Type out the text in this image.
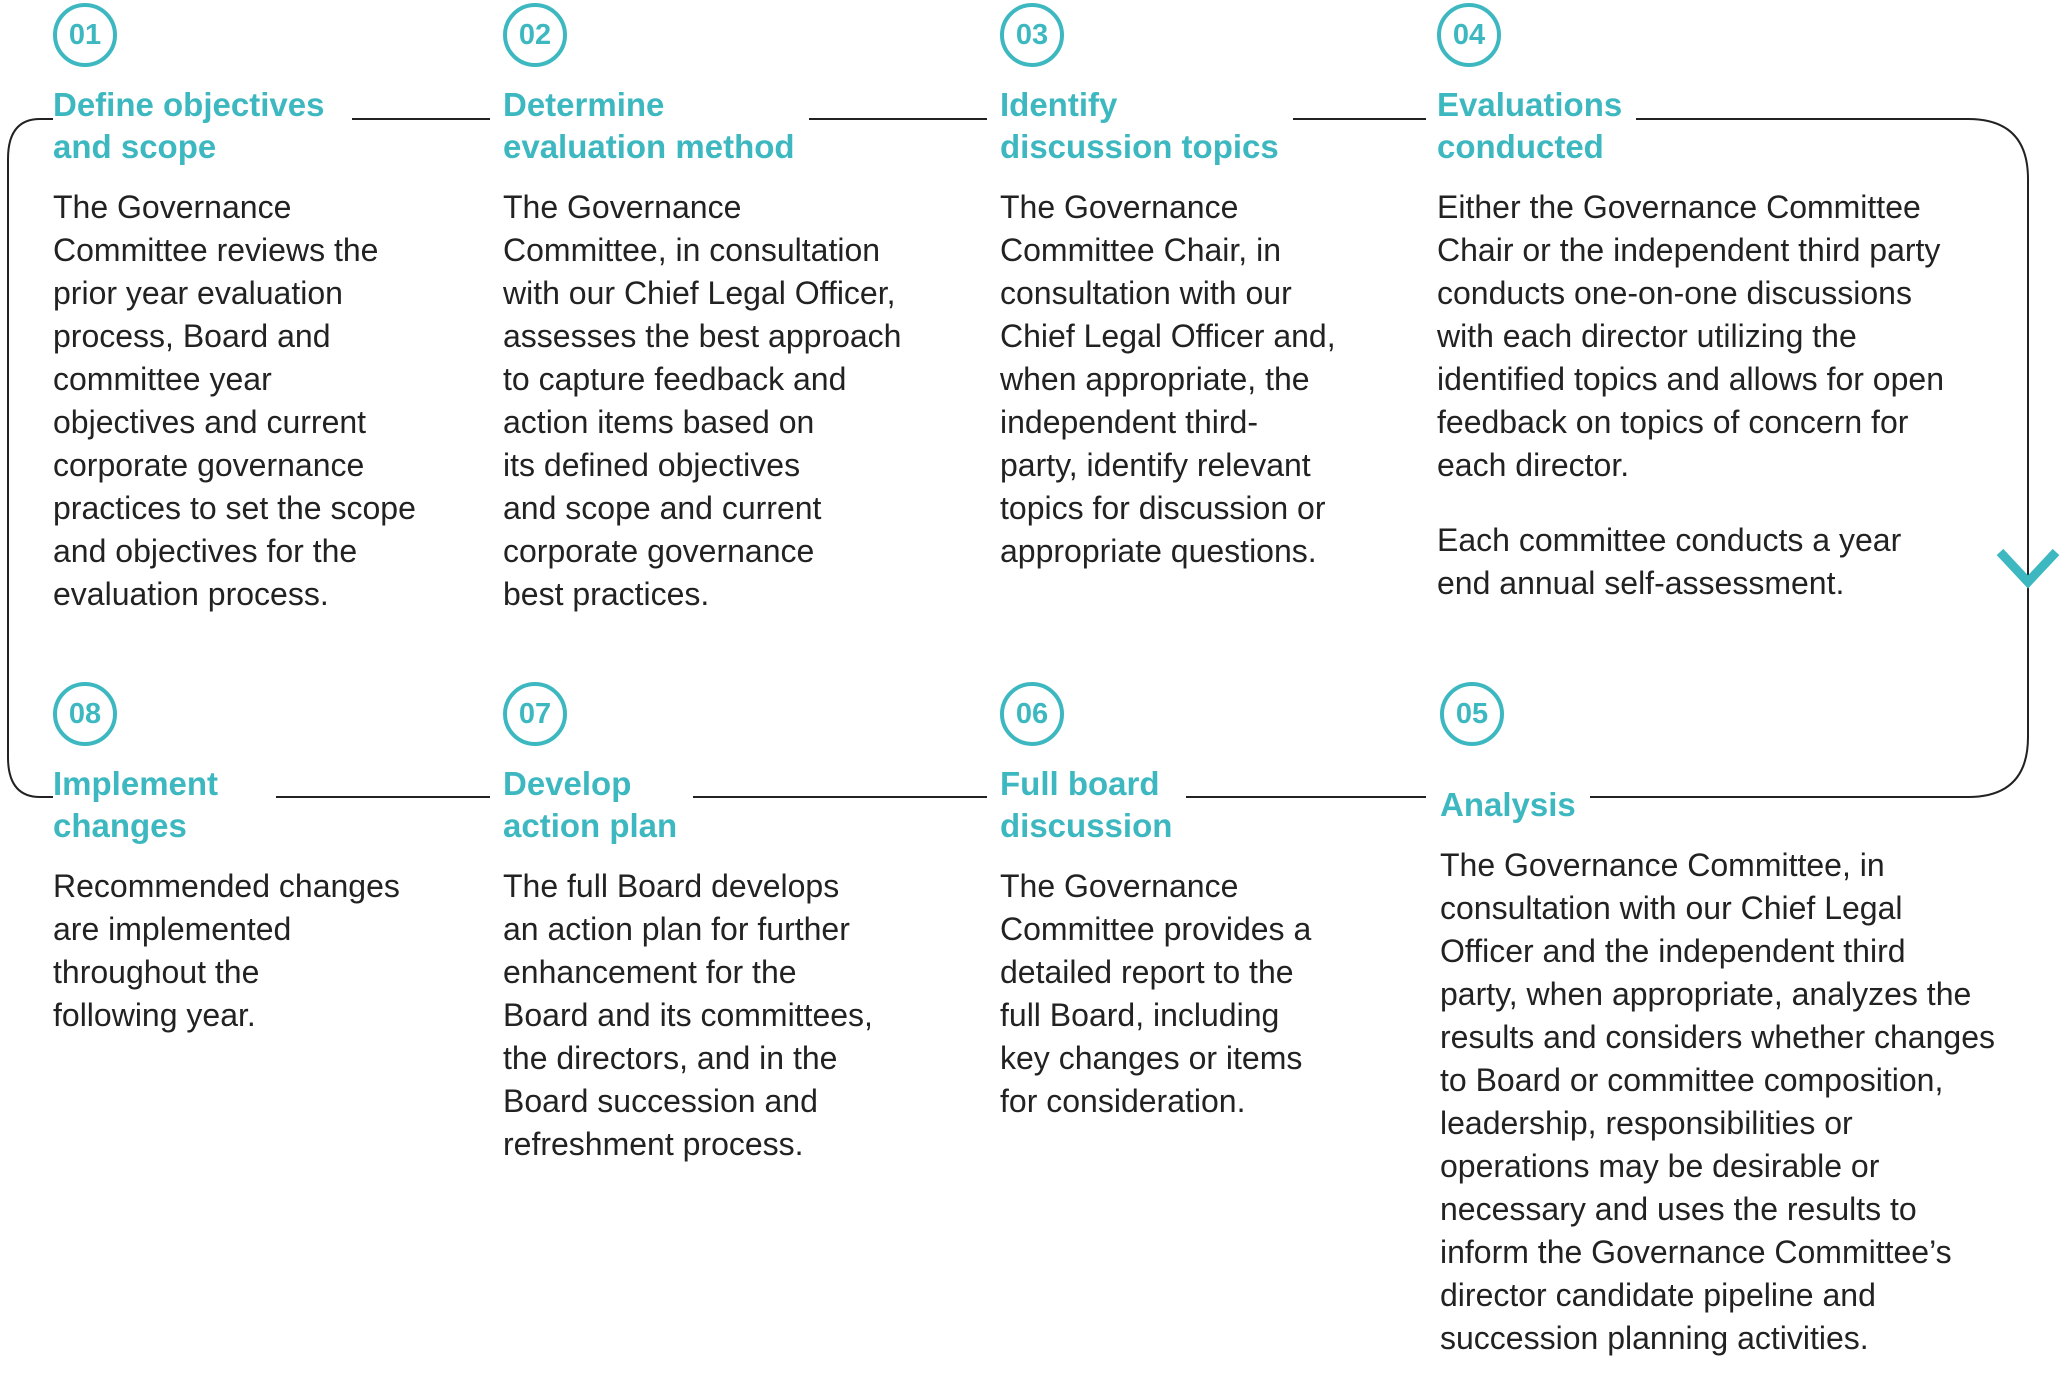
01
Define objectives
and scope
The Governance
Committee reviews the
prior year evaluation
process, Board and
committee year
objectives and current
corporate governance
practices to set the scope
and objectives for the
evaluation process.
02
Determine
evaluation method
The Governance
Committee, in consultation
with our Chief Legal Officer,
assesses the best approach
to capture feedback and
action items based on
its defined objectives
and scope and current
corporate governance
best practices.
03
Identify
discussion topics
The Governance
Committee Chair, in
consultation with our
Chief Legal Officer and,
when appropriate, the
independent third-
party, identify relevant
topics for discussion or
appropriate questions.
04
Evaluations
conducted
Either the Governance Committee
Chair or the independent third party
conducts one-on-one discussions
with each director utilizing the
identified topics and allows for open
feedback on topics of concern for
each director.
Each committee conducts a year
end annual self-assessment.
08
Implement
changes
Recommended changes
are implemented
throughout the
following year.
07
Develop
action plan
The full Board develops
an action plan for further
enhancement for the
Board and its committees,
the directors, and in the
Board succession and
refreshment process.
06
Full board
discussion
The Governance
Committee provides a
detailed report to the
full Board, including
key changes or items
for consideration.
05
Analysis
The Governance Committee, in
consultation with our Chief Legal
Officer and the independent third
party, when appropriate, analyzes the
results and considers whether changes
to Board or committee composition,
leadership, responsibilities or
operations may be desirable or
necessary and uses the results to
inform the Governance Committee’s
director candidate pipeline and
succession planning activities.
